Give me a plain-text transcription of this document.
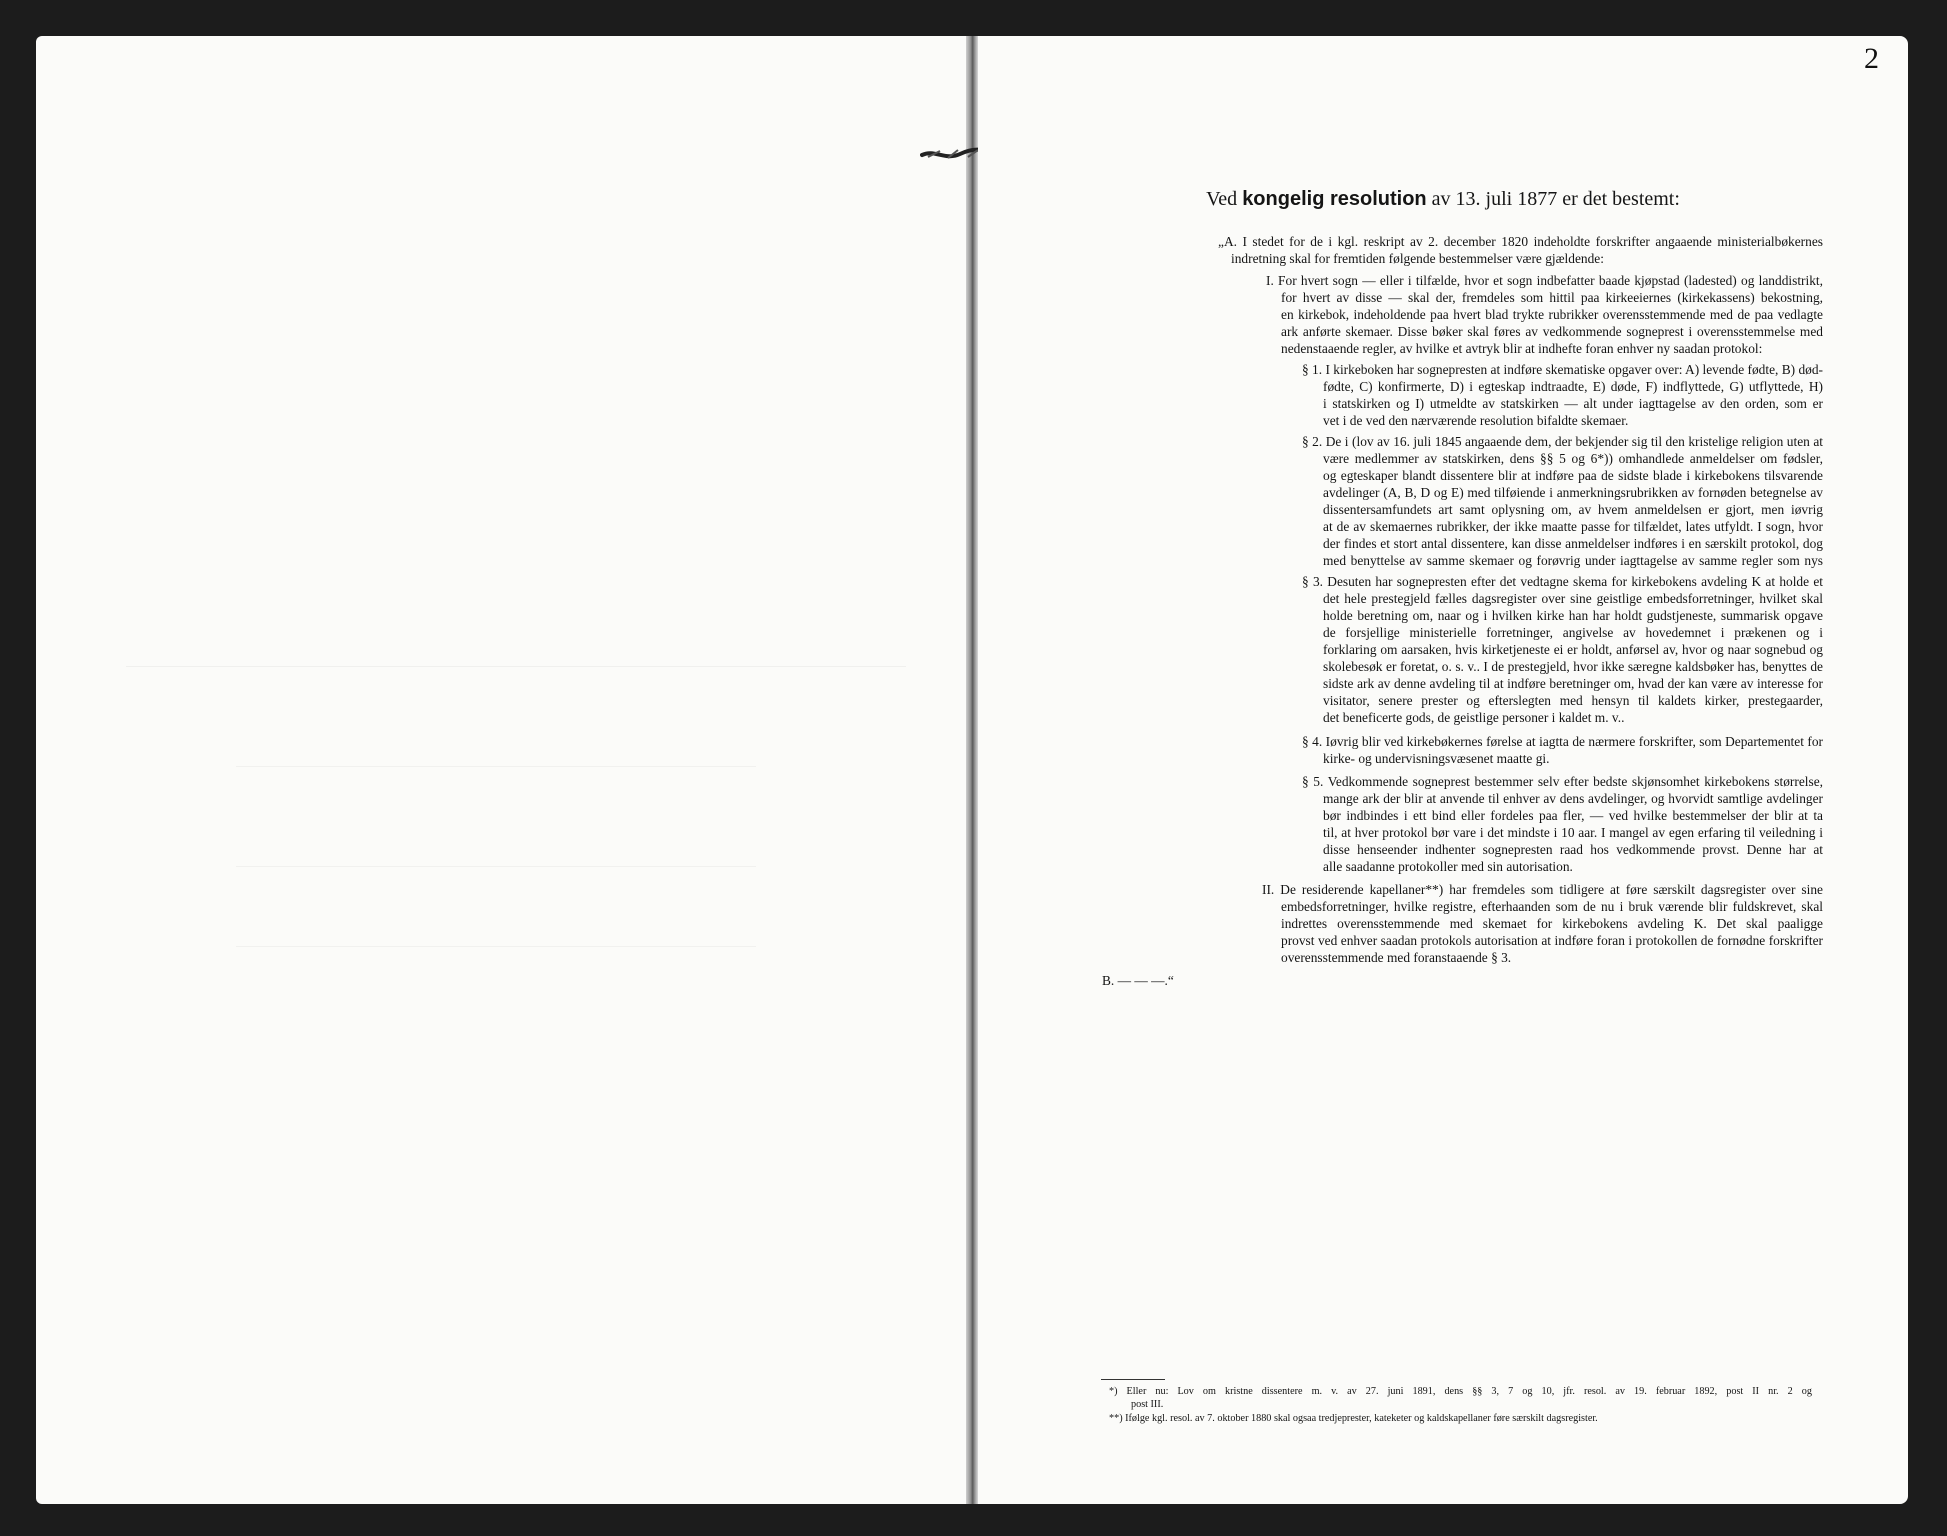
2
Ved kongelig resolution av 13. juli 1877 er det bestemt:
„A. I stedet for de i kgl. reskript av 2. december 1820 indeholdte forskrifter angaaende ministerialbøkernes
indretning skal for fremtiden følgende bestemmelser være gjældende:
I. For hvert sogn — eller i tilfælde, hvor et sogn indbefatter baade kjøpstad (ladested) og landdistrikt,
for hvert av disse — skal der, fremdeles som hittil paa kirkeeiernes (kirkekassens) bekostning,
en kirkebok, indeholdende paa hvert blad trykte rubrikker overensstemmende med de paa vedlagte
ark anførte skemaer. Disse bøker skal føres av vedkommende sogneprest i overensstemmelse med
nedenstaaende regler, av hvilke et avtryk blir at indhefte foran enhver ny saadan protokol:
§ 1. I kirkeboken har sognepresten at indføre skematiske opgaver over: A) levende fødte, B) død-
fødte, C) konfirmerte, D) i egteskap indtraadte, E) døde, F) indflyttede, G) utflyttede, H)
i statskirken og I) utmeldte av statskirken — alt under iagttagelse av den orden, som er
vet i de ved den nærværende resolution bifaldte skemaer.
§ 2. De i (lov av 16. juli 1845 angaaende dem, der bekjender sig til den kristelige religion uten at
være medlemmer av statskirken, dens §§ 5 og 6*)) omhandlede anmeldelser om fødsler,
og egteskaper blandt dissentere blir at indføre paa de sidste blade i kirkebokens tilsvarende
avdelinger (A, B, D og E) med tilføiende i anmerkningsrubrikken av fornøden betegnelse av
dissentersamfundets art samt oplysning om, av hvem anmeldelsen er gjort, men iøvrig
at de av skemaernes rubrikker, der ikke maatte passe for tilfældet, lates utfyldt. I sogn, hvor
der findes et stort antal dissentere, kan disse anmeldelser indføres i en særskilt protokol, dog
med benyttelse av samme skemaer og forøvrig under iagttagelse av samme regler som nys
§ 3. Desuten har sognepresten efter det vedtagne skema for kirkebokens avdeling K at holde et
det hele prestegjeld fælles dagsregister over sine geistlige embedsforretninger, hvilket skal
holde beretning om, naar og i hvilken kirke han har holdt gudstjeneste, summarisk opgave
de forsjellige ministerielle forretninger, angivelse av hovedemnet i prækenen og i
forklaring om aarsaken, hvis kirketjeneste ei er holdt, anførsel av, hvor og naar sognebud og
skolebesøk er foretat, o. s. v.. I de prestegjeld, hvor ikke særegne kaldsbøker has, benyttes de
sidste ark av denne avdeling til at indføre beretninger om, hvad der kan være av interesse for
visitator, senere prester og efterslegten med hensyn til kaldets kirker, prestegaarder,
det beneficerte gods, de geistlige personer i kaldet m. v..
§ 4. Iøvrig blir ved kirkebøkernes førelse at iagtta de nærmere forskrifter, som Departementet for
kirke- og undervisningsvæsenet maatte gi.
§ 5. Vedkommende sogneprest bestemmer selv efter bedste skjønsomhet kirkebokens størrelse,
mange ark der blir at anvende til enhver av dens avdelinger, og hvorvidt samtlige avdelinger
bør indbindes i ett bind eller fordeles paa fler, — ved hvilke bestemmelser der blir at ta
til, at hver protokol bør vare i det mindste i 10 aar. I mangel av egen erfaring til veiledning i
disse henseender indhenter sognepresten raad hos vedkommende provst. Denne har at
alle saadanne protokoller med sin autorisation.
II. De residerende kapellaner**) har fremdeles som tidligere at føre særskilt dagsregister over sine
embedsforretninger, hvilke registre, efterhaanden som de nu i bruk værende blir fuldskrevet, skal
indrettes overensstemmende med skemaet for kirkebokens avdeling K. Det skal paaligge
provst ved enhver saadan protokols autorisation at indføre foran i protokollen de fornødne forskrifter
overensstemmende med foranstaaende § 3.
B. — — —.“
*) Eller nu: Lov om kristne dissentere m. v. av 27. juni 1891, dens §§ 3, 7 og 10, jfr. resol. av 19. februar 1892, post II nr. 2 og
post III.
**) Ifølge kgl. resol. av 7. oktober 1880 skal ogsaa tredjeprester, kateketer og kaldskapellaner føre særskilt dagsregister.
